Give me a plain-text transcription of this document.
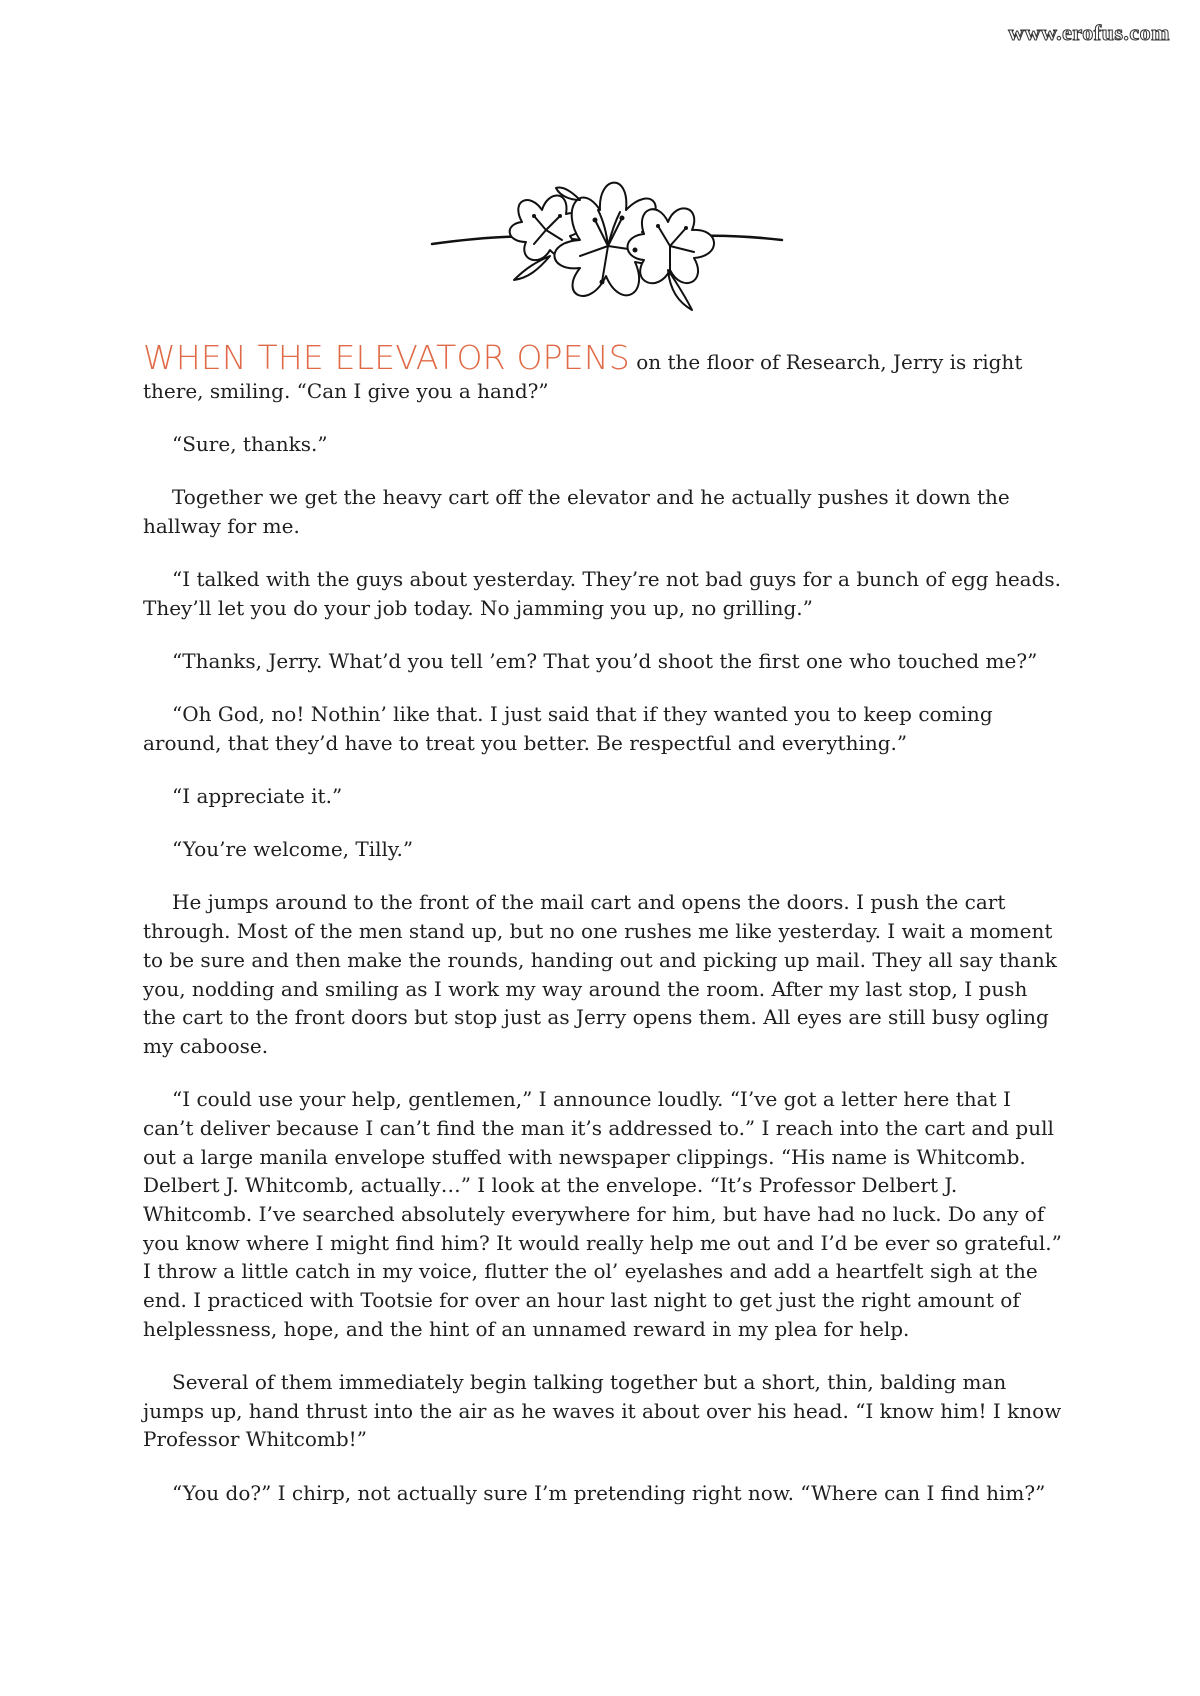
www.erofus.com

WHEN THE ELEVATOR OPENS on the floor of Research, Jerry is right there, smiling. “Can I give you a hand?”

“Sure, thanks.”

Together we get the heavy cart off the elevator and he actually pushes it down the hallway for me.

“I talked with the guys about yesterday. They’re not bad guys for a bunch of egg heads. They’ll let you do your job today. No jamming you up, no grilling.”

“Thanks, Jerry. What’d you tell ’em? That you’d shoot the first one who touched me?”

“Oh God, no! Nothin’ like that. I just said that if they wanted you to keep coming around, that they’d have to treat you better. Be respectful and everything.”

“I appreciate it.”

“You’re welcome, Tilly.”

He jumps around to the front of the mail cart and opens the doors. I push the cart through. Most of the men stand up, but no one rushes me like yesterday. I wait a moment to be sure and then make the rounds, handing out and picking up mail. They all say thank you, nodding and smiling as I work my way around the room. After my last stop, I push the cart to the front doors but stop just as Jerry opens them. All eyes are still busy ogling my caboose.

“I could use your help, gentlemen,” I announce loudly. “I’ve got a letter here that I can’t deliver because I can’t find the man it’s addressed to.” I reach into the cart and pull out a large manila envelope stuffed with newspaper clippings. “His name is Whitcomb. Delbert J. Whitcomb, actually…” I look at the envelope. “It’s Professor Delbert J. Whitcomb. I’ve searched absolutely everywhere for him, but have had no luck. Do any of you know where I might find him? It would really help me out and I’d be ever so grateful.” I throw a little catch in my voice, flutter the ol’ eyelashes and add a heartfelt sigh at the end. I practiced with Tootsie for over an hour last night to get just the right amount of helplessness, hope, and the hint of an unnamed reward in my plea for help.

Several of them immediately begin talking together but a short, thin, balding man jumps up, hand thrust into the air as he waves it about over his head. “I know him! I know Professor Whitcomb!”

“You do?” I chirp, not actually sure I’m pretending right now. “Where can I find him?”
